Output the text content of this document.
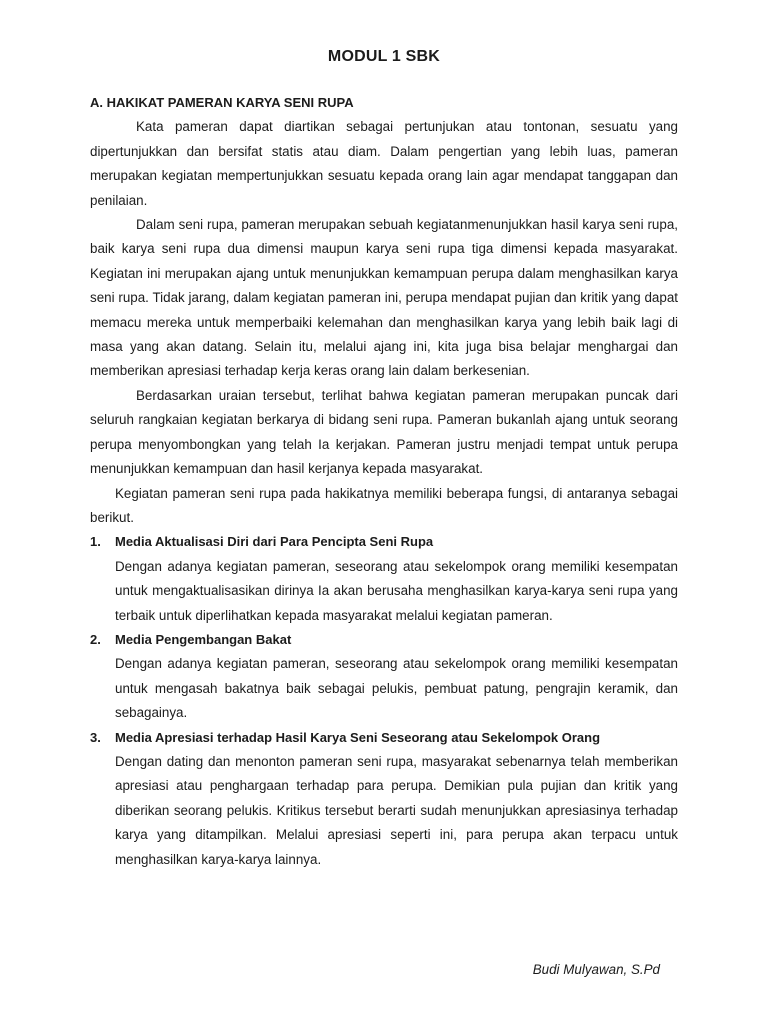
MODUL 1 SBK

A. HAKIKAT PAMERAN KARYA SENI RUPA

Kata pameran dapat diartikan sebagai pertunjukan atau tontonan, sesuatu yang dipertunjukkan dan bersifat statis atau diam. Dalam pengertian yang lebih luas, pameran merupakan kegiatan mempertunjukkan sesuatu kepada orang lain agar mendapat tanggapan dan penilaian.

Dalam seni rupa, pameran merupakan sebuah kegiatanmenunjukkan hasil karya seni rupa, baik karya seni rupa dua dimensi maupun karya seni rupa tiga dimensi kepada masyarakat. Kegiatan ini merupakan ajang untuk menunjukkan kemampuan perupa dalam menghasilkan karya seni rupa. Tidak jarang, dalam kegiatan pameran ini, perupa mendapat pujian dan kritik yang dapat memacu mereka untuk memperbaiki kelemahan dan menghasilkan karya yang lebih baik lagi di masa yang akan datang. Selain itu, melalui ajang ini, kita juga bisa belajar menghargai dan memberikan apresiasi terhadap kerja keras orang lain dalam berkesenian.

Berdasarkan uraian tersebut, terlihat bahwa kegiatan pameran merupakan puncak dari seluruh rangkaian kegiatan berkarya di bidang seni rupa. Pameran bukanlah ajang untuk seorang perupa menyombongkan yang telah Ia kerjakan. Pameran justru menjadi tempat untuk perupa menunjukkan kemampuan dan hasil kerjanya kepada masyarakat.

Kegiatan pameran seni rupa pada hakikatnya memiliki beberapa fungsi, di antaranya sebagai berikut.

1. Media Aktualisasi Diri dari Para Pencipta Seni Rupa

Dengan adanya kegiatan pameran, seseorang atau sekelompok orang memiliki kesempatan untuk mengaktualisasikan dirinya Ia akan berusaha menghasilkan karya-karya seni rupa yang terbaik untuk diperlihatkan kepada masyarakat melalui kegiatan pameran.

2. Media Pengembangan Bakat

Dengan adanya kegiatan pameran, seseorang atau sekelompok orang memiliki kesempatan untuk mengasah bakatnya baik sebagai pelukis, pembuat patung, pengrajin keramik, dan sebagainya.

3. Media Apresiasi terhadap Hasil Karya Seni Seseorang atau Sekelompok Orang

Dengan dating dan menonton pameran seni rupa, masyarakat sebenarnya telah memberikan apresiasi atau penghargaan terhadap para perupa. Demikian pula pujian dan kritik yang diberikan seorang pelukis. Kritikus tersebut berarti sudah menunjukkan apresiasinya terhadap karya yang ditampilkan. Melalui apresiasi seperti ini, para perupa akan terpacu untuk menghasilkan karya-karya lainnya.

Budi Mulyawan, S.Pd
